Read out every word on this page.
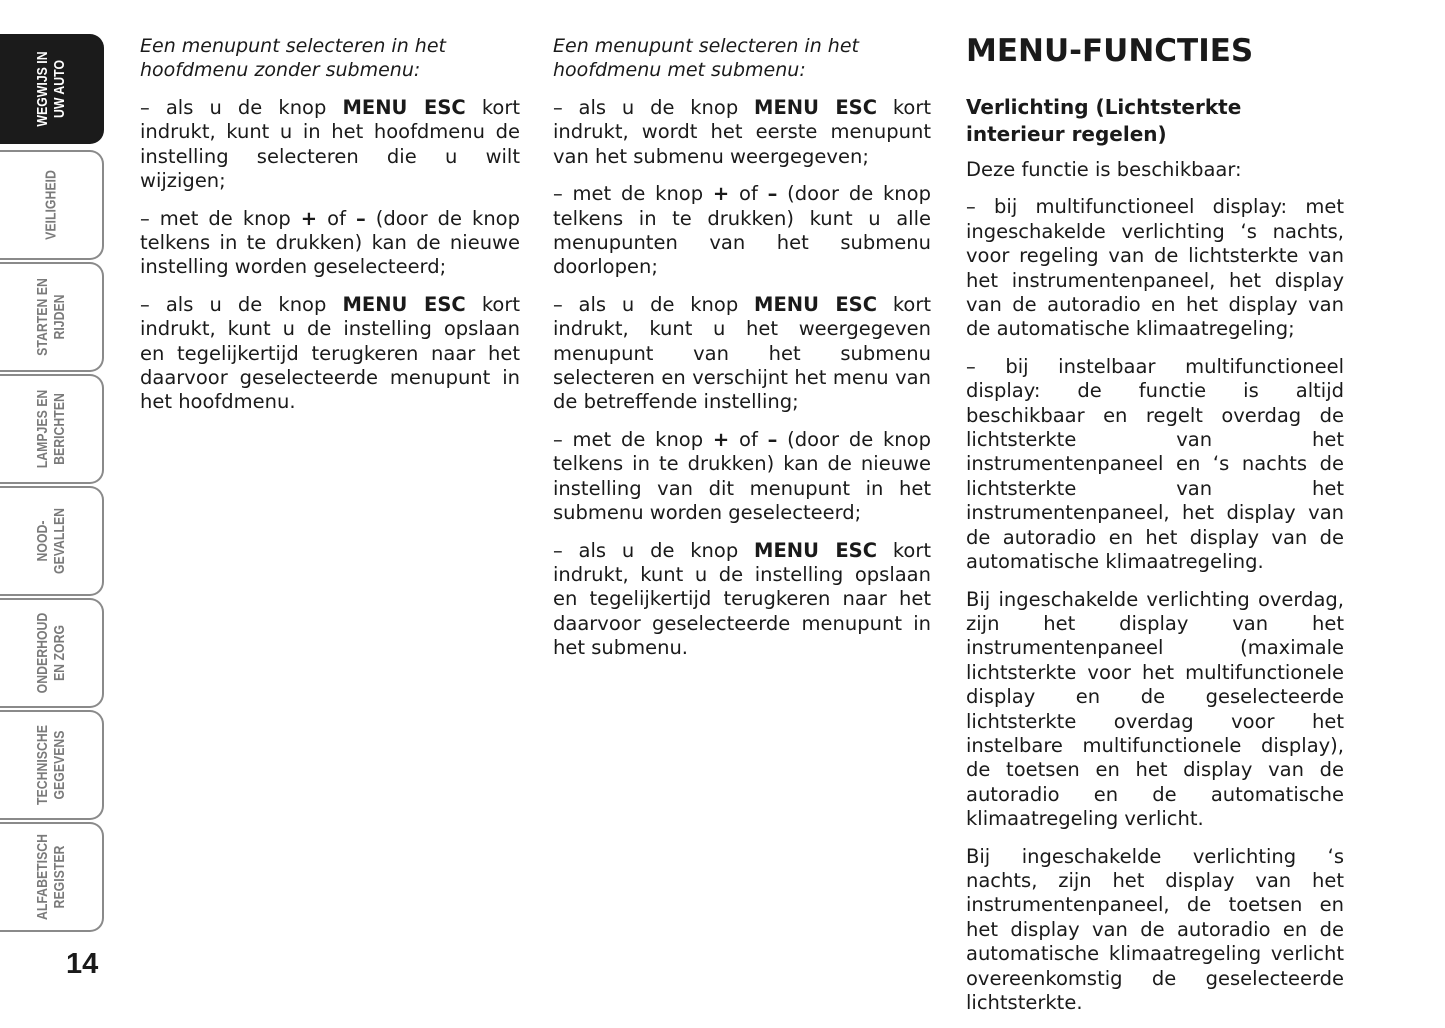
WEGWIJS IN UW AUTO
VEILIGHEID
STARTEN EN RIJDEN
LAMPJES EN BERICHTEN
NOOD- GEVALLEN
ONDERHOUD EN ZORG
TECHNISCHE GEGEVENS
ALFABETISCH REGISTER
14

Een menupunt selecteren in het hoofdmenu zonder submenu:

– als u de knop MENU ESC kort indrukt, kunt u in het hoofdmenu de instelling selecteren die u wilt wijzigen;

– met de knop + of – (door de knop telkens in te drukken) kan de nieuwe instelling worden geselecteerd;

– als u de knop MENU ESC kort indrukt, kunt u de instelling opslaan en tegelijkertijd terugkeren naar het daarvoor geselecteerde menupunt in het hoofdmenu.

Een menupunt selecteren in het hoofdmenu met submenu:

– als u de knop MENU ESC kort indrukt, wordt het eerste menupunt van het submenu weergegeven;

– met de knop + of – (door de knop telkens in te drukken) kunt u alle menupunten van het submenu doorlopen;

– als u de knop MENU ESC kort indrukt, kunt u het weergegeven menupunt van het submenu selecteren en verschijnt het menu van de betreffende instelling;

– met de knop + of – (door de knop telkens in te drukken) kan de nieuwe instelling van dit menupunt in het submenu worden geselecteerd;

– als u de knop MENU ESC kort indrukt, kunt u de instelling opslaan en tegelijkertijd terugkeren naar het daarvoor geselecteerde menupunt in het submenu.

MENU-FUNCTIES
Verlichting (Lichtsterkte interieur regelen)

Deze functie is beschikbaar:

– bij multifunctioneel display: met ingeschakelde verlichting ‘s nachts, voor regeling van de lichtsterkte van het instrumentenpaneel, het display van de autoradio en het display van de automatische klimaatregeling;

– bij instelbaar multifunctioneel display: de functie is altijd beschikbaar en regelt overdag de lichtsterkte van het instrumentenpaneel en ‘s nachts de lichtsterkte van het instrumentenpaneel, het display van de autoradio en het display van de automatische klimaatregeling.

Bij ingeschakelde verlichting overdag, zijn het display van het instrumentenpaneel (maximale lichtsterkte voor het multifunctionele display en de geselecteerde lichtsterkte overdag voor het instelbare multifunctionele display), de toetsen en het display van de autoradio en de automatische klimaatregeling verlicht.

Bij ingeschakelde verlichting ‘s nachts, zijn het display van het instrumentenpaneel, de toetsen en het display van de autoradio en de automatische klimaatregeling verlicht overeenkomstig de geselecteerde lichtsterkte.
